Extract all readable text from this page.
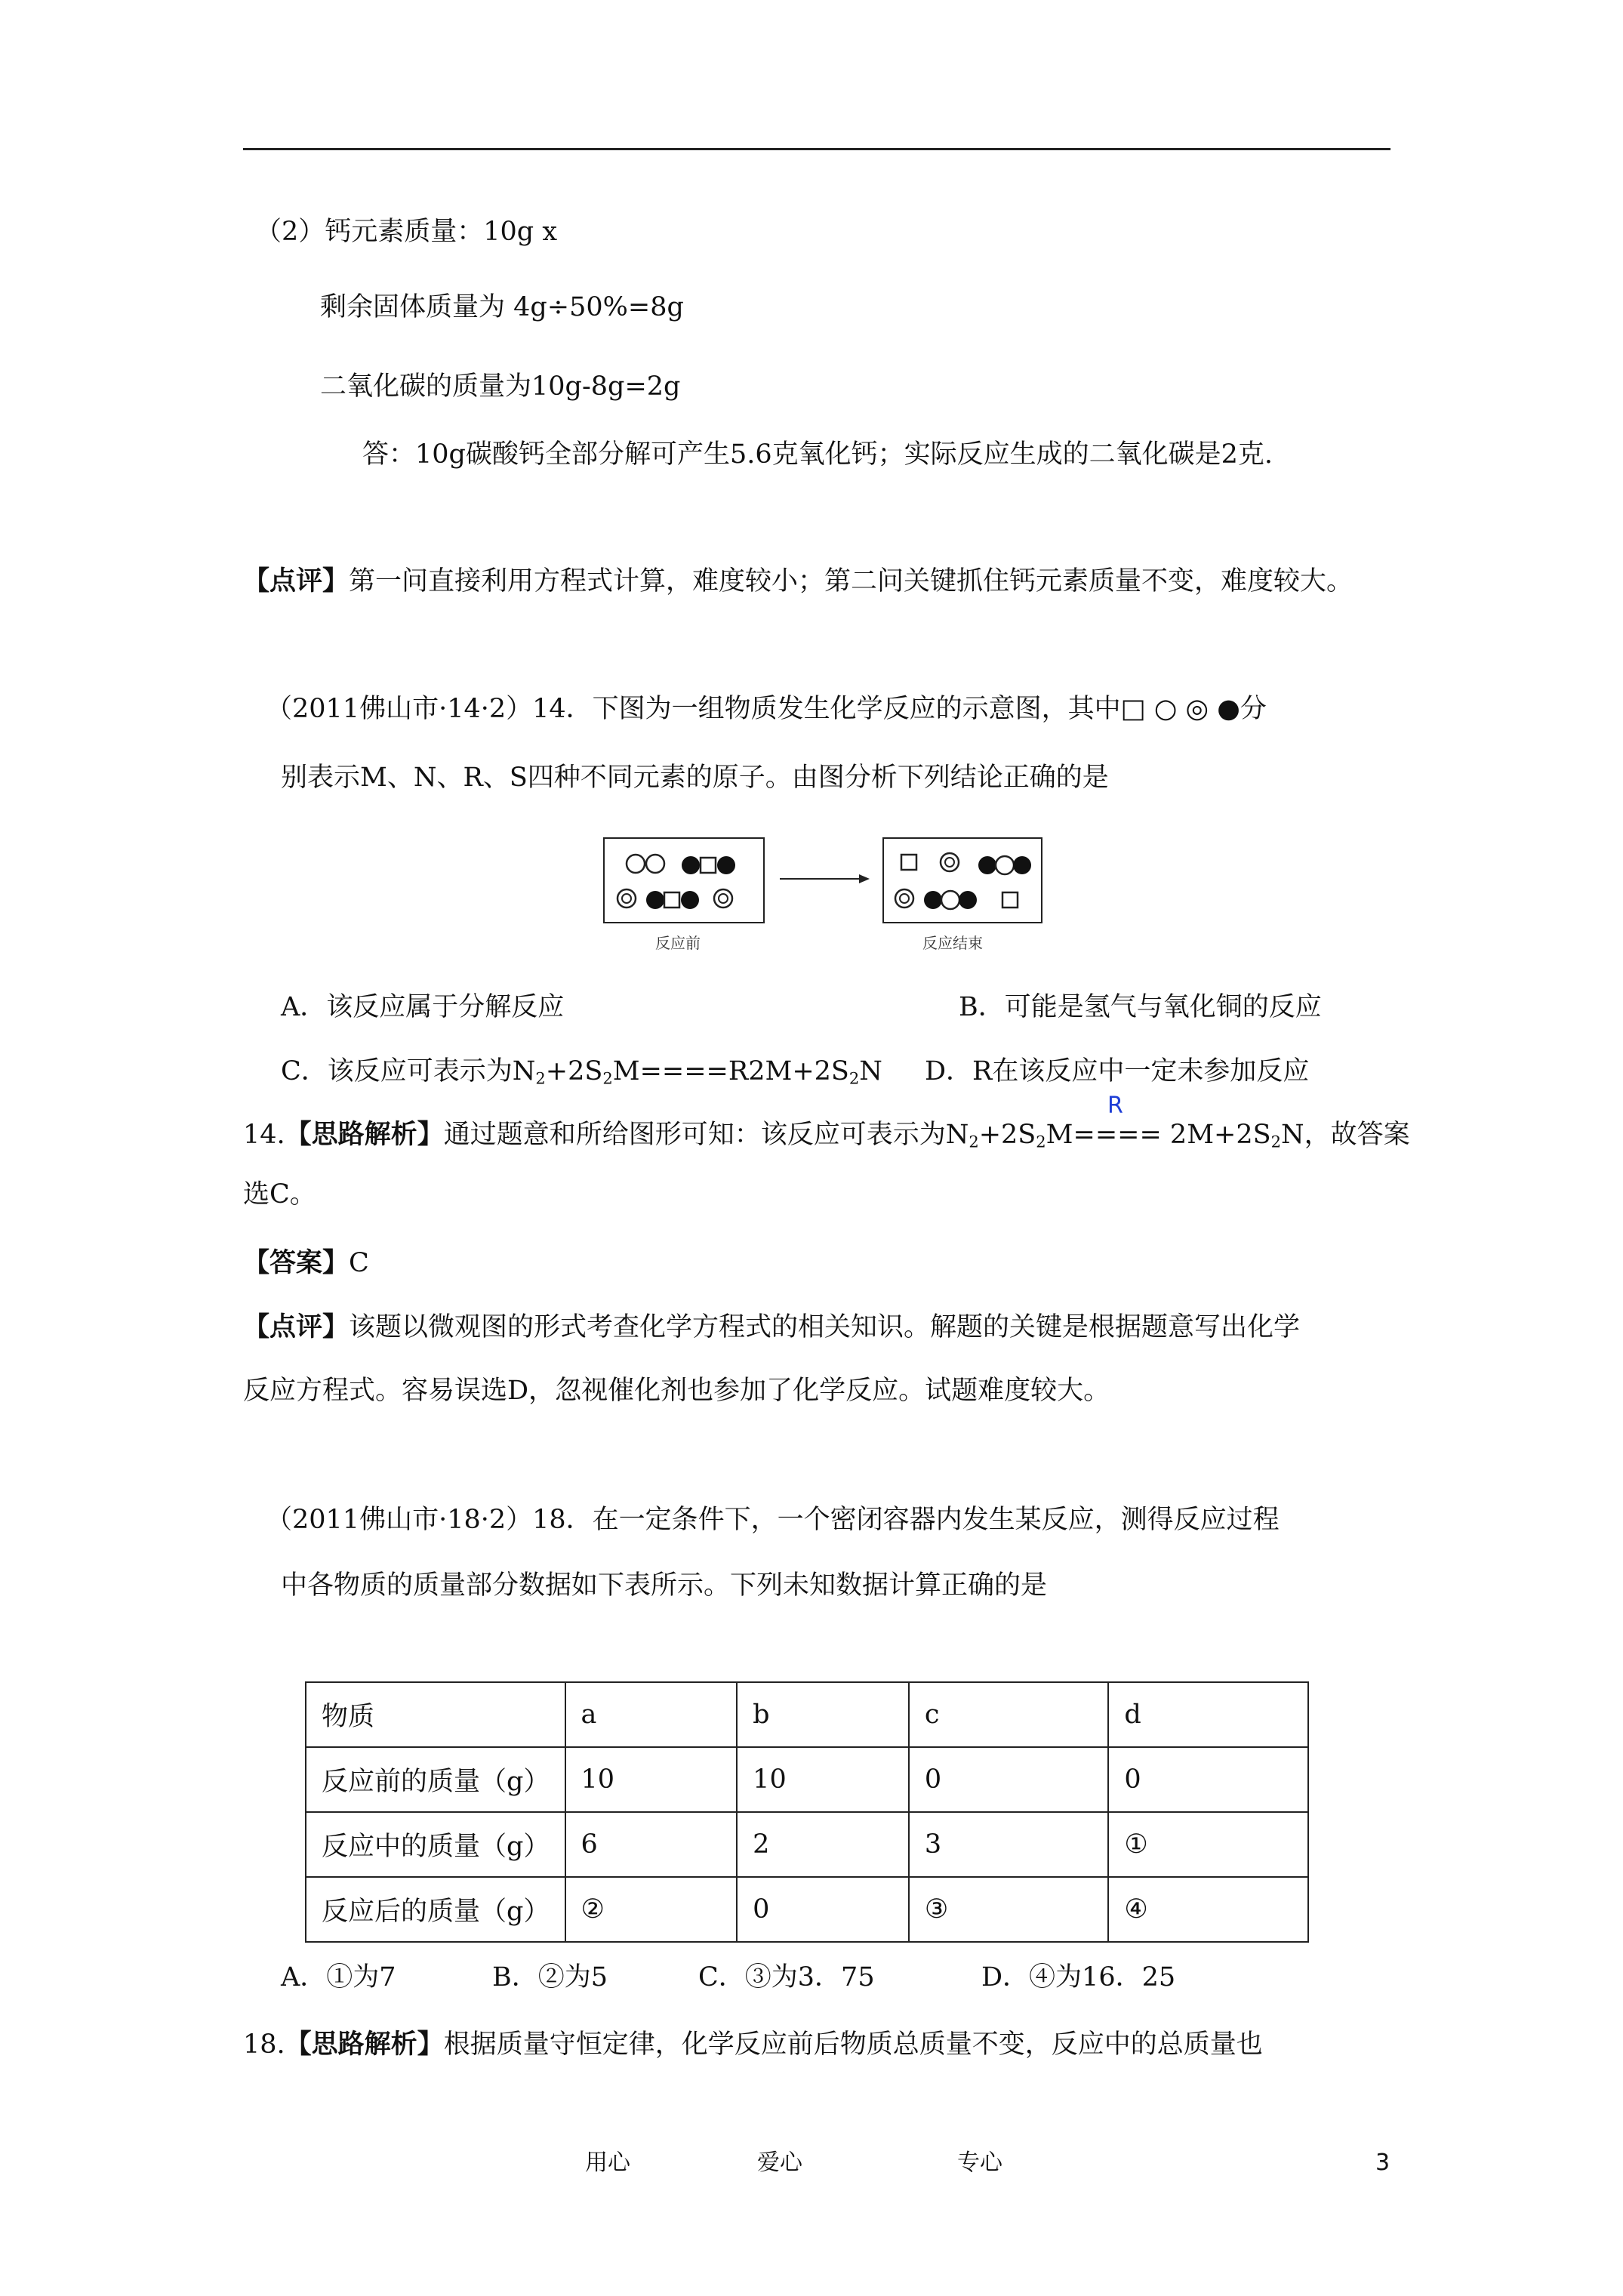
（2）钙元素质量：10g x
剩余固体质量为 4g÷50%=8g
二氧化碳的质量为10g-8g=2g
答：10g碳酸钙全部分解可产生5.6克氧化钙；实际反应生成的二氧化碳是2克.
【点评】第一问直接利用方程式计算，难度较小；第二问关键抓住钙元素质量不变，难度较大。
（2011佛山市·14·2）14．下图为一组物质发生化学反应的示意图，其中□ ○ ◎ ●分
别表示M、N、R、S四种不同元素的原子。由图分析下列结论正确的是
反应前	反应结束
A．该反应属于分解反应	B．可能是氢气与氧化铜的反应
C．该反应可表示为$N_2+2S_2M====R2M+2S_2N$ D．R在该反应中一定未参加反应
R
14.【思路解析】通过题意和所给图形可知：该反应可表示为$N_2+2S_2M==== 2M+2S_2N$，故答案
选C。
【答案】C
【点评】该题以微观图的形式考查化学方程式的相关知识。解题的关键是根据题意写出化学
反应方程式。容易误选D，忽视催化剂也参加了化学反应。试题难度较大。
（2011佛山市·18·2）18．在一定条件下，一个密闭容器内发生某反应，测得反应过程
中各物质的质量部分数据如下表所示。下列未知数据计算正确的是
物质	a	b	c	d
反应前的质量（g）	10	10	0	0
反应中的质量（g）	6	2	3	①
反应后的质量（g）	②	0	③	④
A．①为7	B．②为5	C．③为3．75	D．④为16．25
18.【思路解析】根据质量守恒定律，化学反应前后物质总质量不变，反应中的总质量也
用心	爱心	专心	3
